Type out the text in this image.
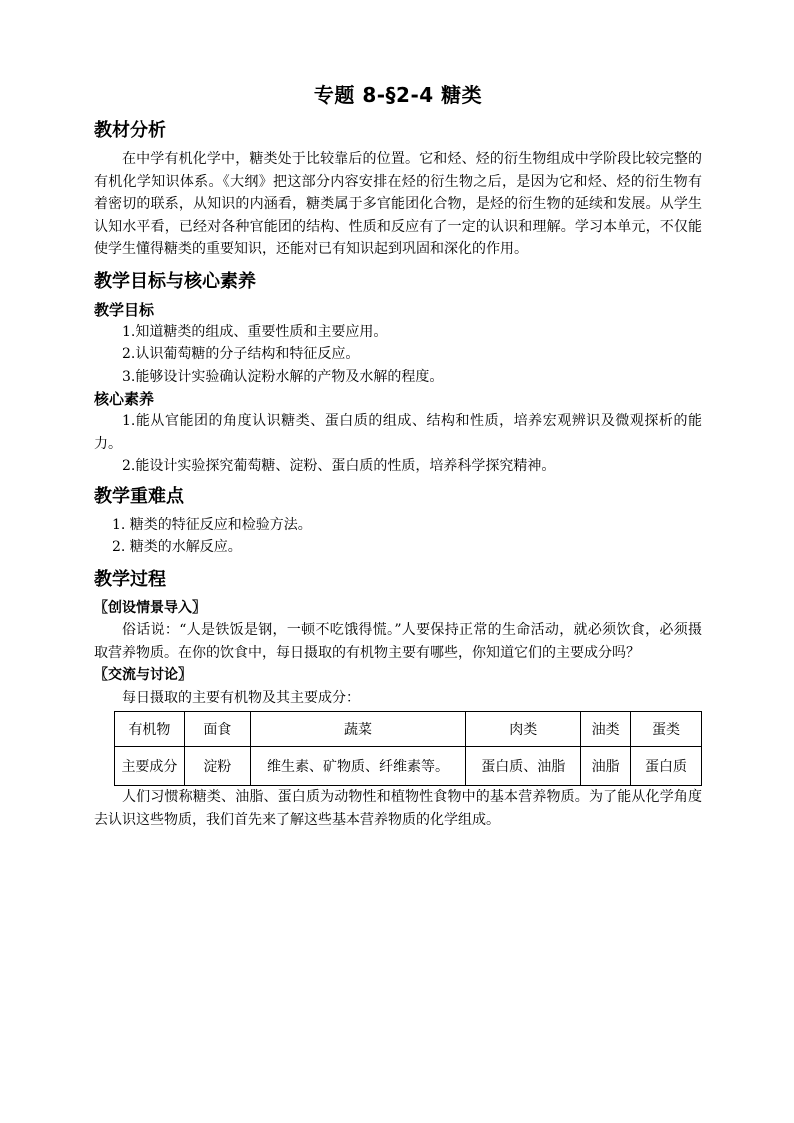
专题 8-§2-4 糖类
教材分析

在中学有机化学中，糖类处于比较靠后的位置。它和烃、烃的衍生物组成中学阶段比较完整的有机化学知识体系。《大纲》把这部分内容安排在烃的衍生物之后，是因为它和烃、烃的衍生物有着密切的联系，从知识的内涵看，糖类属于多官能团化合物，是烃的衍生物的延续和发展。从学生认知水平看，已经对各种官能团的结构、性质和反应有了一定的认识和理解。学习本单元，不仅能使学生懂得糖类的重要知识，还能对已有知识起到巩固和深化的作用。

教学目标与核心素养
教学目标

1.知道糖类的组成、重要性质和主要应用。

2.认识葡萄糖的分子结构和特征反应。

3.能够设计实验确认淀粉水解的产物及水解的程度。

核心素养

1.能从官能团的角度认识糖类、蛋白质的组成、结构和性质，培养宏观辨识及微观探析的能力。

2.能设计实验探究葡萄糖、淀粉、蛋白质的性质，培养科学探究精神。

教学重难点

1. 糖类的特征反应和检验方法。

2. 糖类的水解反应。

教学过程
〖创设情景导入〗

俗话说：“人是铁饭是钢，一顿不吃饿得慌。”人要保持正常的生命活动，就必须饮食，必须摄取营养物质。在你的饮食中，每日摄取的有机物主要有哪些，你知道它们的主要成分吗？

〖交流与讨论〗

每日摄取的主要有机物及其主要成分：

有机物	面食	蔬菜	肉类	油类	蛋类
主要成分	淀粉	维生素、矿物质、纤维素等。	蛋白质、油脂	油脂	蛋白质

人们习惯称糖类、油脂、蛋白质为动物性和植物性食物中的基本营养物质。为了能从化学角度去认识这些物质，我们首先来了解这些基本营养物质的化学组成。
